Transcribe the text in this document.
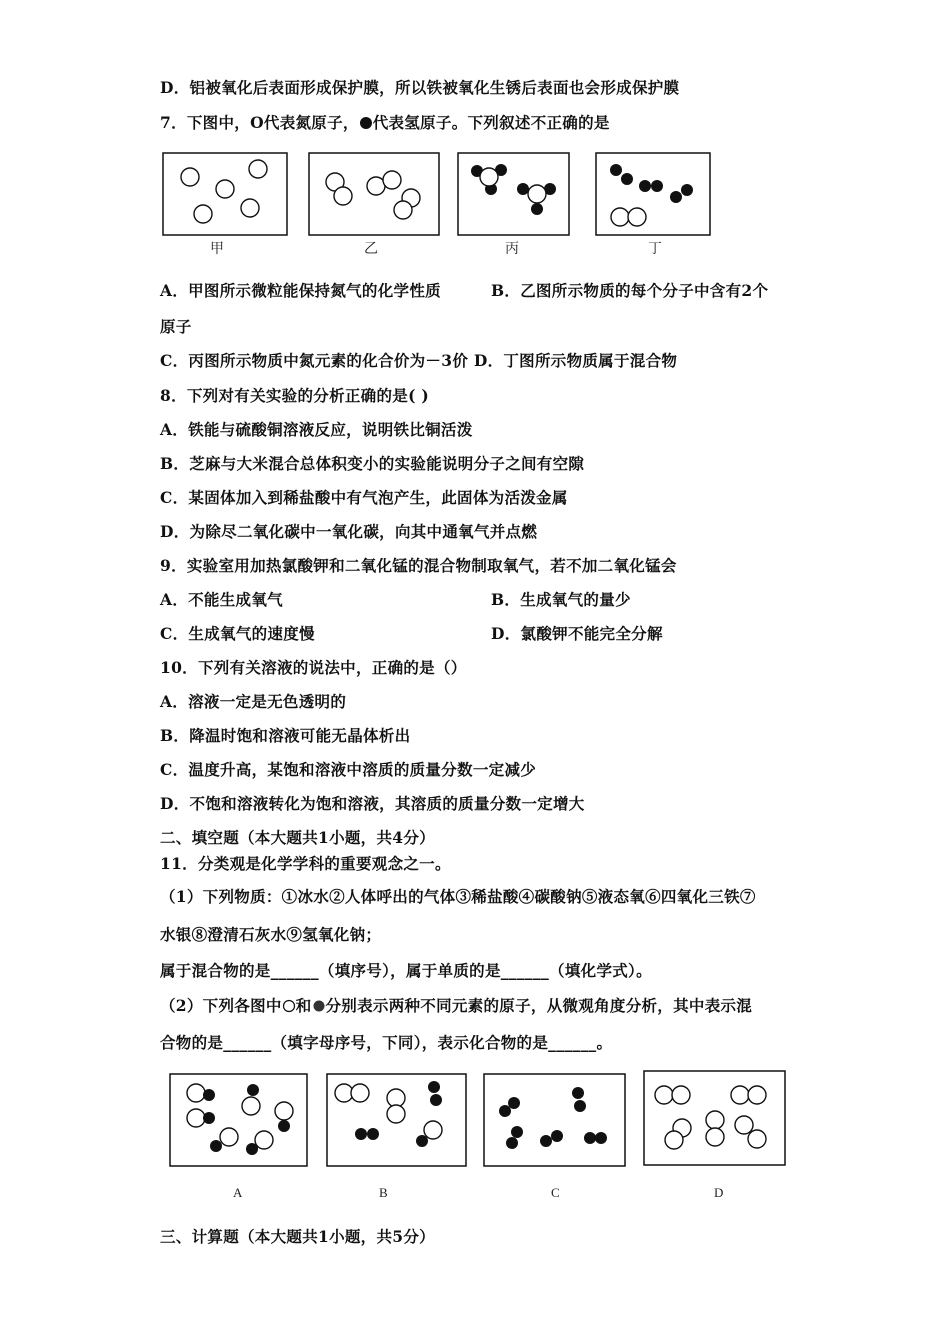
D．铝被氧化后表面形成保护膜，所以铁被氧化生锈后表面也会形成保护膜
7．下图中，O代表氮原子， 代表氢原子。下列叙述不正确的是
甲	乙	丙	丁
A．甲图所示微粒能保持氮气的化学性质	B．乙图所示物质的每个分子中含有2个
原子
C．丙图所示物质中氮元素的化合价为－3价 D．丁图所示物质属于混合物
8．下列对有关实验的分析正确的是( )
A．铁能与硫酸铜溶液反应，说明铁比铜活泼
B．芝麻与大米混合总体积变小的实验能说明分子之间有空隙
C．某固体加入到稀盐酸中有气泡产生，此固体为活泼金属
D．为除尽二氧化碳中一氧化碳，向其中通氧气并点燃
9．实验室用加热氯酸钾和二氧化锰的混合物制取氧气，若不加二氧化锰会
A．不能生成氧气	B．生成氧气的量少
C．生成氧气的速度慢	D．氯酸钾不能完全分解
10．下列有关溶液的说法中，正确的是（）
A．溶液一定是无色透明的
B．降温时饱和溶液可能无晶体析出
C．温度升高，某饱和溶液中溶质的质量分数一定减少
D．不饱和溶液转化为饱和溶液，其溶质的质量分数一定增大
二、填空题（本大题共1小题，共4分）
11．分类观是化学学科的重要观念之一。
（1）下列物质：①冰水②人体呼出的气体③稀盐酸④碳酸钠⑤液态氧⑥四氧化三铁⑦
水银⑧澄清石灰水⑨氢氧化钠；
属于混合物的是______（填序号），属于单质的是______（填化学式）。
（2）下列各图中 和 分别表示两种不同元素的原子，从微观角度分析，其中表示混
合物的是______（填字母序号，下同），表示化合物的是______。
A	B	C	D
三、计算题（本大题共1小题，共5分）
